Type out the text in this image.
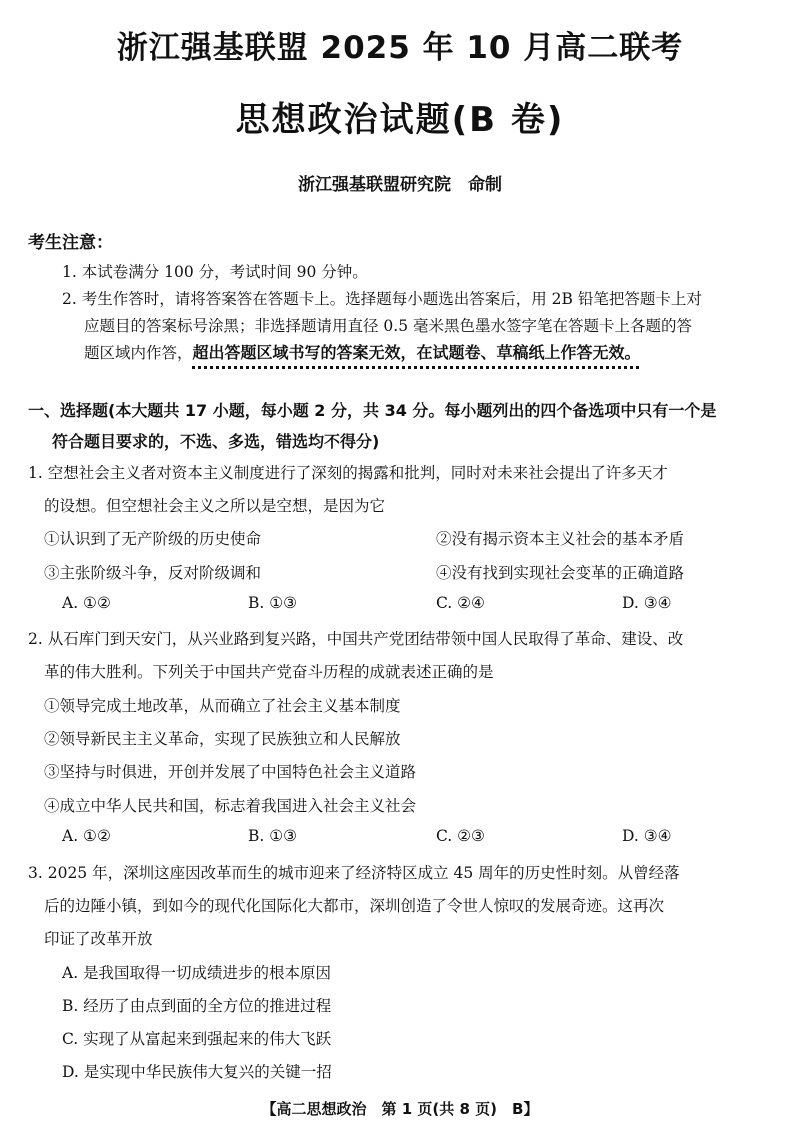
浙江强基联盟 2025 年 10 月高二联考
思想政治试题(B 卷)
浙江强基联盟研究院　命制
考生注意：
1. 本试卷满分 100 分，考试时间 90 分钟。
2. 考生作答时，请将答案答在答题卡上。选择题每小题选出答案后，用 2B 铅笔把答题卡上对
应题目的答案标号涂黑；非选择题请用直径 0.5 毫米黑色墨水签字笔在答题卡上各题的答
题区域内作答，超出答题区域书写的答案无效，在试题卷、草稿纸上作答无效。
一、选择题(本大题共 17 小题，每小题 2 分，共 34 分。每小题列出的四个备选项中只有一个是
符合题目要求的，不选、多选，错选均不得分)
1. 空想社会主义者对资本主义制度进行了深刻的揭露和批判，同时对未来社会提出了许多天才
的设想。但空想社会主义之所以是空想，是因为它
①认识到了无产阶级的历史使命	②没有揭示资本主义社会的基本矛盾
③主张阶级斗争，反对阶级调和	④没有找到实现社会变革的正确道路
A. ①②	B. ①③	C. ②④	D. ③④
2. 从石库门到天安门，从兴业路到复兴路，中国共产党团结带领中国人民取得了革命、建设、改
革的伟大胜利。下列关于中国共产党奋斗历程的成就表述正确的是
①领导完成土地改革，从而确立了社会主义基本制度
②领导新民主主义革命，实现了民族独立和人民解放
③坚持与时俱进，开创并发展了中国特色社会主义道路
④成立中华人民共和国，标志着我国进入社会主义社会
A. ①②	B. ①③	C. ②③	D. ③④
3. 2025 年，深圳这座因改革而生的城市迎来了经济特区成立 45 周年的历史性时刻。从曾经落
后的边陲小镇，到如今的现代化国际化大都市，深圳创造了令世人惊叹的发展奇迹。这再次
印证了改革开放
A. 是我国取得一切成绩进步的根本原因
B. 经历了由点到面的全方位的推进过程
C. 实现了从富起来到强起来的伟大飞跃
D. 是实现中华民族伟大复兴的关键一招
【高二思想政治　第 1 页(共 8 页)　B】
